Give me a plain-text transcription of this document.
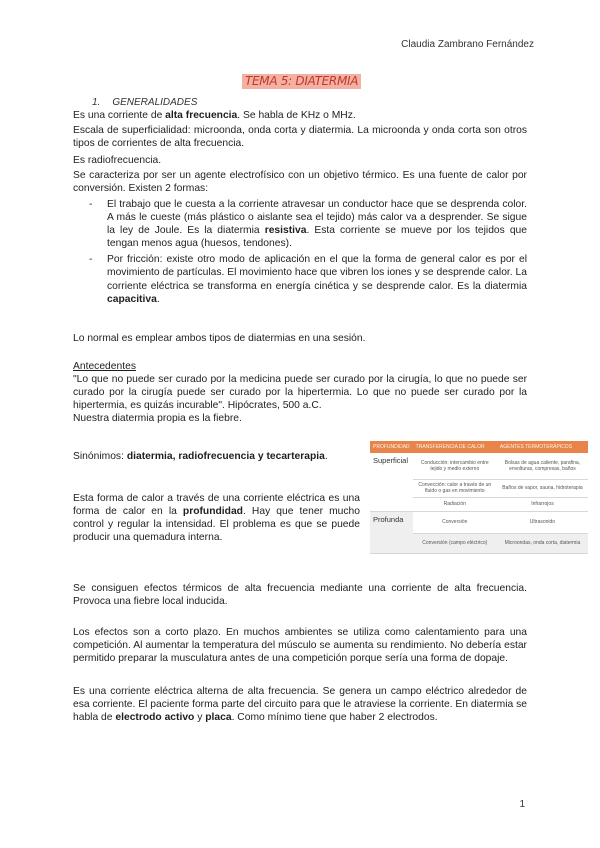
Claudia Zambrano Fernández
TEMA 5: DIATERMIA
1. GENERALIDADES
Es una corriente de alta frecuencia. Se habla de KHz o MHz.
Escala de superficialidad: microonda, onda corta y diatermia. La microonda y onda corta son otros tipos de corrientes de alta frecuencia.
Es radiofrecuencia.
Se caracteriza por ser un agente electrofísico con un objetivo térmico. Es una fuente de calor por conversión. Existen 2 formas:
- El trabajo que le cuesta a la corriente atravesar un conductor hace que se desprenda color. A más le cueste (más plástico o aislante sea el tejido) más calor va a desprender. Se sigue la ley de Joule. Es la diatermia resistiva. Esta corriente se mueve por los tejidos que tengan menos agua (huesos, tendones).
- Por fricción: existe otro modo de aplicación en el que la forma de general calor es por el movimiento de partículas. El movimiento hace que vibren los iones y se desprende calor. La corriente eléctrica se transforma en energía cinética y se desprende calor. Es la diatermia capacitiva.
Lo normal es emplear ambos tipos de diatermias en una sesión.
Antecedentes
"Lo que no puede ser curado por la medicina puede ser curado por la cirugía, lo que no puede ser curado por la cirugía puede ser curado por la hipertermia. Lo que no puede ser curado por la hipertermia, es quizás incurable". Hipócrates, 500 a.C.
Nuestra diatermia propia es la fiebre.
Sinónimos: diatermia, radiofrecuencia y tecarterapia.
Esta forma de calor a través de una corriente eléctrica es una forma de calor en la profundidad. Hay que tener mucho control y regular la intensidad. El problema es que se puede producir una quemadura interna.
PROFUNDIDAD	TRANSFERENCIA DE CALOR	AGENTES TERMOTERÁPICOS
Superficial	Conducción: intercambio entre tejido y medio externo	Bolsas de agua caliente, parafina, envolturas, compresas, baños
	Convección: calor a través de un fluido o gas en movimiento	Baños de vapor, sauna, hidroterapia
	Radiación	Infrarrojos
Profunda	Conversión	Ultrasonido
	Conversión (campo eléctrico)	Microondas, onda corta, diatermia
Se consiguen efectos térmicos de alta frecuencia mediante una corriente de alta frecuencia. Provoca una fiebre local inducida.
Los efectos son a corto plazo. En muchos ambientes se utiliza como calentamiento para una competición. Al aumentar la temperatura del músculo se aumenta su rendimiento. No debería estar permitido preparar la musculatura antes de una competición porque sería una forma de dopaje.
Es una corriente eléctrica alterna de alta frecuencia. Se genera un campo eléctrico alrededor de esa corriente. El paciente forma parte del circuito para que le atraviese la corriente. En diatermia se habla de electrodo activo y placa. Como mínimo tiene que haber 2 electrodos.
1
